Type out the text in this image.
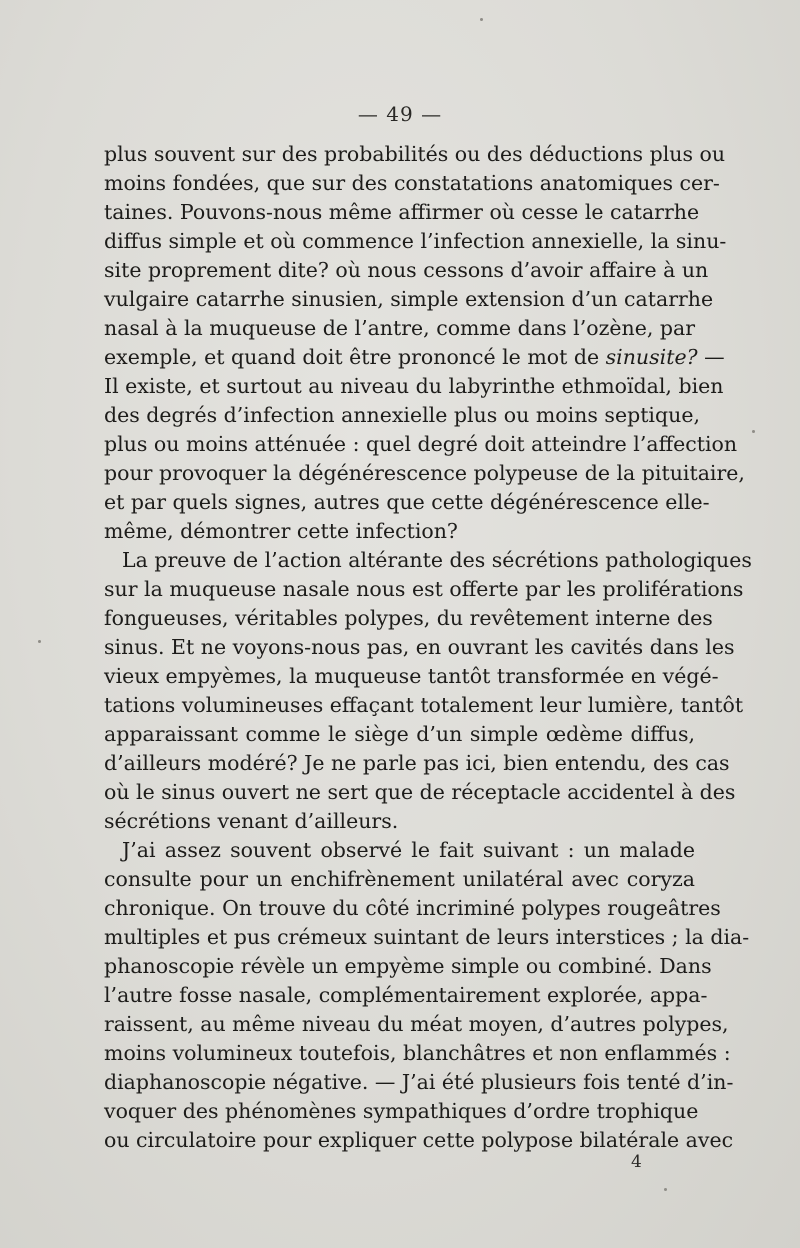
— 49 —
plus souvent sur des probabilités ou des déductions plus ou
moins fondées, que sur des constatations anatomiques cer-
taines. Pouvons-nous même affirmer où cesse le catarrhe
diffus simple et où commence l’infection annexielle, la sinu-
site proprement dite? où nous cessons d’avoir affaire à un
vulgaire catarrhe sinusien, simple extension d’un catarrhe
nasal à la muqueuse de l’antre, comme dans l’ozène, par
exemple, et quand doit être prononcé le mot de sinusite? —
Il existe, et surtout au niveau du labyrinthe ethmoïdal, bien
des degrés d’infection annexielle plus ou moins septique,
plus ou moins atténuée : quel degré doit atteindre l’affection
pour provoquer la dégénérescence polypeuse de la pituitaire,
et par quels signes, autres que cette dégénérescence elle-
même, démontrer cette infection?
La preuve de l’action altérante des sécrétions pathologiques
sur la muqueuse nasale nous est offerte par les proliférations
fongueuses, véritables polypes, du revêtement interne des
sinus. Et ne voyons-nous pas, en ouvrant les cavités dans les
vieux empyèmes, la muqueuse tantôt transformée en végé-
tations volumineuses effaçant totalement leur lumière, tantôt
apparaissant comme le siège d’un simple œdème diffus,
d’ailleurs modéré? Je ne parle pas ici, bien entendu, des cas
où le sinus ouvert ne sert que de réceptacle accidentel à des
sécrétions venant d’ailleurs.
J’ai assez souvent observé le fait suivant : un malade
consulte pour un enchifrènement unilatéral avec coryza
chronique. On trouve du côté incriminé polypes rougeâtres
multiples et pus crémeux suintant de leurs interstices ; la dia-
phanoscopie révèle un empyème simple ou combiné. Dans
l’autre fosse nasale, complémentairement explorée, appa-
raissent, au même niveau du méat moyen, d’autres polypes,
moins volumineux toutefois, blanchâtres et non enflammés :
diaphanoscopie négative. — J’ai été plusieurs fois tenté d’in-
voquer des phénomènes sympathiques d’ordre trophique
ou circulatoire pour expliquer cette polypose bilatérale avec
4
